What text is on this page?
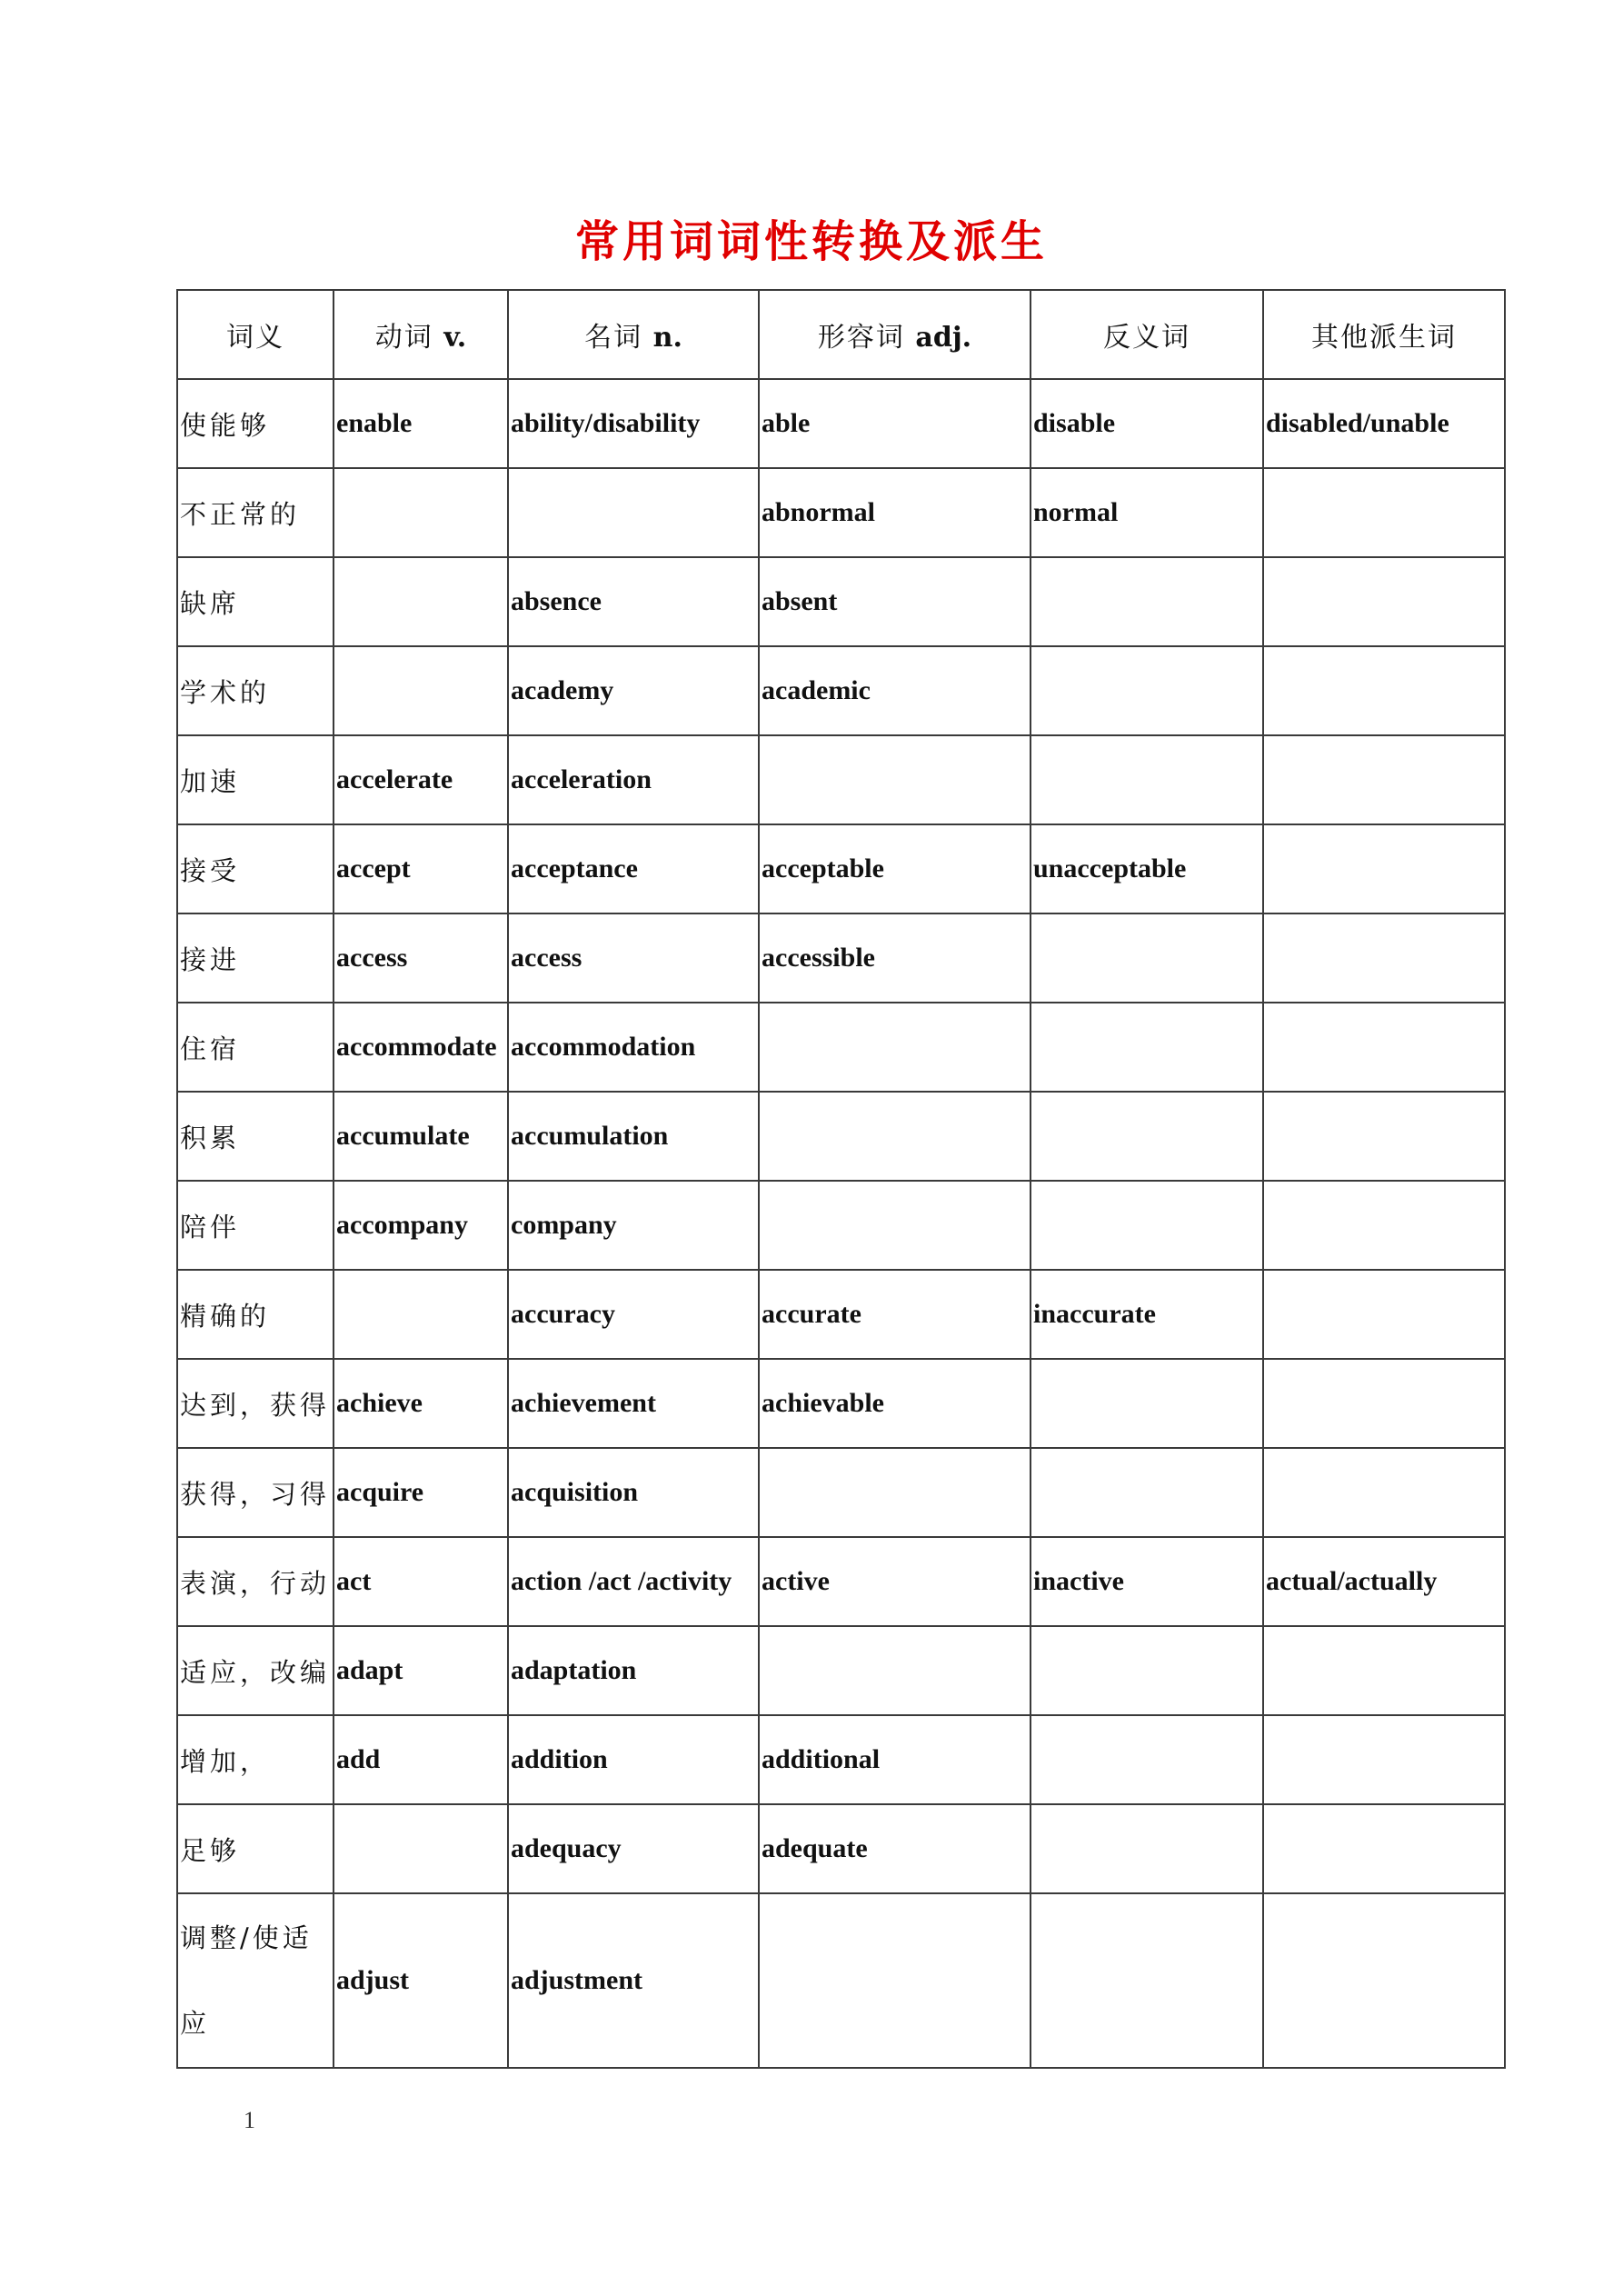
常用词词性转换及派生
词义	动词 v.	名词 n.	形容词 adj.	反义词	其他派生词
使能够	enable	ability/disability	able	disable	disabled/unable
不正常的			abnormal	normal	
缺席		absence	absent		
学术的		academy	academic		
加速	accelerate	acceleration			
接受	accept	acceptance	acceptable	unacceptable	
接进	access	access	accessible		
住宿	accommodate	accommodation			
积累	accumulate	accumulation			
陪伴	accompany	company			
精确的		accuracy	accurate	inaccurate	
达到，获得	achieve	achievement	achievable		
获得，习得	acquire	acquisition			
表演，行动	act	action /act /activity	active	inactive	actual/actually
适应，改编	adapt	adaptation			
增加，	add	addition	additional		
足够		adequacy	adequate		
调整/使适应	adjust	adjustment			
1
